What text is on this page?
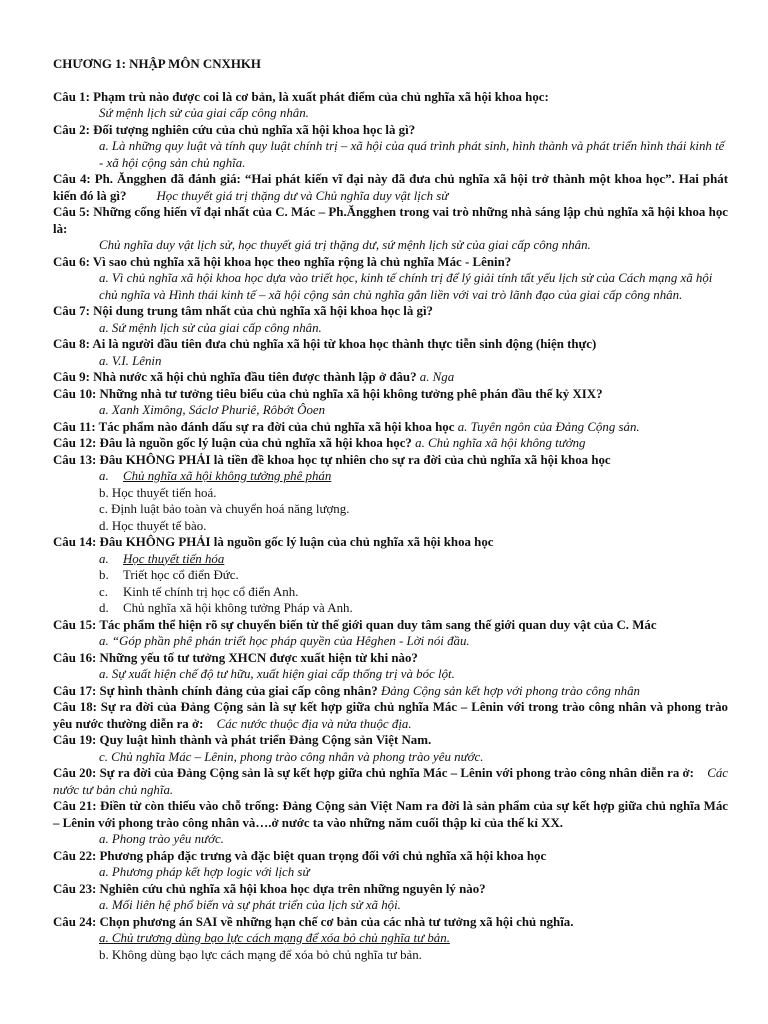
CHƯƠNG 1: NHẬP MÔN CNXHKH
Câu 1: Phạm trù nào được coi là cơ bản, là xuất phát điểm của chủ nghĩa xã hội khoa học:
Sứ mệnh lịch sử của giai cấp công nhân.
Câu 2: Đối tượng nghiên cứu của chủ nghĩa xã hội khoa học là gì?
a. Là những quy luật và tính quy luật chính trị – xã hội của quá trình phát sinh, hình thành và phát triển hình thái kinh tế - xã hội cộng sản chủ nghĩa.
Câu 4: Ph. Ăngghen đã đánh giá: “Hai phát kiến vĩ đại này đã đưa chủ nghĩa xã hội trở thành một khoa học”. Hai phát kiến đó là gì? Học thuyết giá trị thặng dư và Chủ nghĩa duy vật lịch sử
Câu 5: Những cống hiến vĩ đại nhất của C. Mác – Ph.Ăngghen trong vai trò những nhà sáng lập chủ nghĩa xã hội khoa học là:
Chủ nghĩa duy vật lịch sử, học thuyết giá trị thặng dư, sứ mệnh lịch sử của giai cấp công nhân.
Câu 6: Vì sao chủ nghĩa xã hội khoa học theo nghĩa rộng là chủ nghĩa Mác - Lênin?
a. Vì chủ nghĩa xã hội khoa học dựa vào triết học, kinh tế chính trị để lý giải tính tất yếu lịch sử của Cách mạng xã hội chủ nghĩa và Hình thái kinh tế – xã hội cộng sản chủ nghĩa gắn liền với vai trò lãnh đạo của giai cấp công nhân.
Câu 7: Nội dung trung tâm nhất của chủ nghĩa xã hội khoa học là gì?
a. Sứ mệnh lịch sử của giai cấp công nhân.
Câu 8: Ai là người đầu tiên đưa chủ nghĩa xã hội từ khoa học thành thực tiễn sinh động (hiện thực)
a. V.I. Lênin
Câu 9: Nhà nước xã hội chủ nghĩa đầu tiên được thành lập ở đâu? a. Nga
Câu 10: Những nhà tư tưởng tiêu biểu của chủ nghĩa xã hội không tưởng phê phán đầu thế kỷ XIX?
a. Xanh Ximông, Sáclơ Phuriê, Rôbớt Ôoen
Câu 11: Tác phẩm nào đánh dấu sự ra đời của chủ nghĩa xã hội khoa học a. Tuyên ngôn của Đảng Cộng sản.
Câu 12: Đâu là nguồn gốc lý luận của chủ nghĩa xã hội khoa học? a. Chủ nghĩa xã hội không tưởng
Câu 13: Đâu KHÔNG PHẢI là tiền đề khoa học tự nhiên cho sự ra đời của chủ nghĩa xã hội khoa học
a.	Chủ nghĩa xã hội không tưởng phê phán
b. Học thuyết tiến hoá.
c. Định luật bảo toàn và chuyển hoá năng lượng.
d. Học thuyết tế bào.
Câu 14: Đâu KHÔNG PHẢI là nguồn gốc lý luận của chủ nghĩa xã hội khoa học
a.	Học thuyết tiến hóa
b.	Triết học cổ điển Đức.
c.	Kinh tế chính trị học cổ điển Anh.
d.	Chủ nghĩa xã hội không tưởng Pháp và Anh.
Câu 15: Tác phẩm thể hiện rõ sự chuyển biến từ thế giới quan duy tâm sang thế giới quan duy vật của C. Mác
a. “Góp phần phê phán triết học pháp quyền của Hêghen - Lời nói đầu.
Câu 16: Những yếu tố tư tưởng XHCN được xuất hiện từ khi nào?
a. Sự xuất hiện chế độ tư hữu, xuất hiện giai cấp thống trị và bóc lột.
Câu 17: Sự hình thành chính đảng của giai cấp công nhân? Đảng Cộng sản kết hợp với phong trào công nhân
Câu 18: Sự ra đời của Đảng Cộng sản là sự kết hợp giữa chủ nghĩa Mác – Lênin với trong trào công nhân và phong trào yêu nước thường diễn ra ở: Các nước thuộc địa và nửa thuộc địa.
Câu 19: Quy luật hình thành và phát triển Đảng Cộng sản Việt Nam.
c. Chủ nghĩa Mác – Lênin, phong trào công nhân và phong trào yêu nước.
Câu 20: Sự ra đời của Đảng Cộng sản là sự kết hợp giữa chủ nghĩa Mác – Lênin với phong trào công nhân diễn ra ở: Các nước tư bản chủ nghĩa.
Câu 21: Điền từ còn thiếu vào chỗ trống: Đảng Cộng sản Việt Nam ra đời là sản phẩm của sự kết hợp giữa chủ nghĩa Mác – Lênin với phong trào công nhân và….ở nước ta vào những năm cuối thập kỉ của thế kỉ XX.
a. Phong trào yêu nước.
Câu 22: Phương pháp đặc trưng và đặc biệt quan trọng đối với chủ nghĩa xã hội khoa học
a. Phương pháp kết hợp logic với lịch sử
Câu 23: Nghiên cứu chủ nghĩa xã hội khoa học dựa trên những nguyên lý nào?
a. Mối liên hệ phổ biến và sự phát triển của lịch sử xã hội.
Câu 24: Chọn phương án SAI về những hạn chế cơ bản của các nhà tư tưởng xã hội chủ nghĩa.
a. Chủ trương dùng bạo lực cách mạng để xóa bỏ chủ nghĩa tư bản.
b. Không dùng bạo lực cách mạng để xóa bỏ chủ nghĩa tư bản.
